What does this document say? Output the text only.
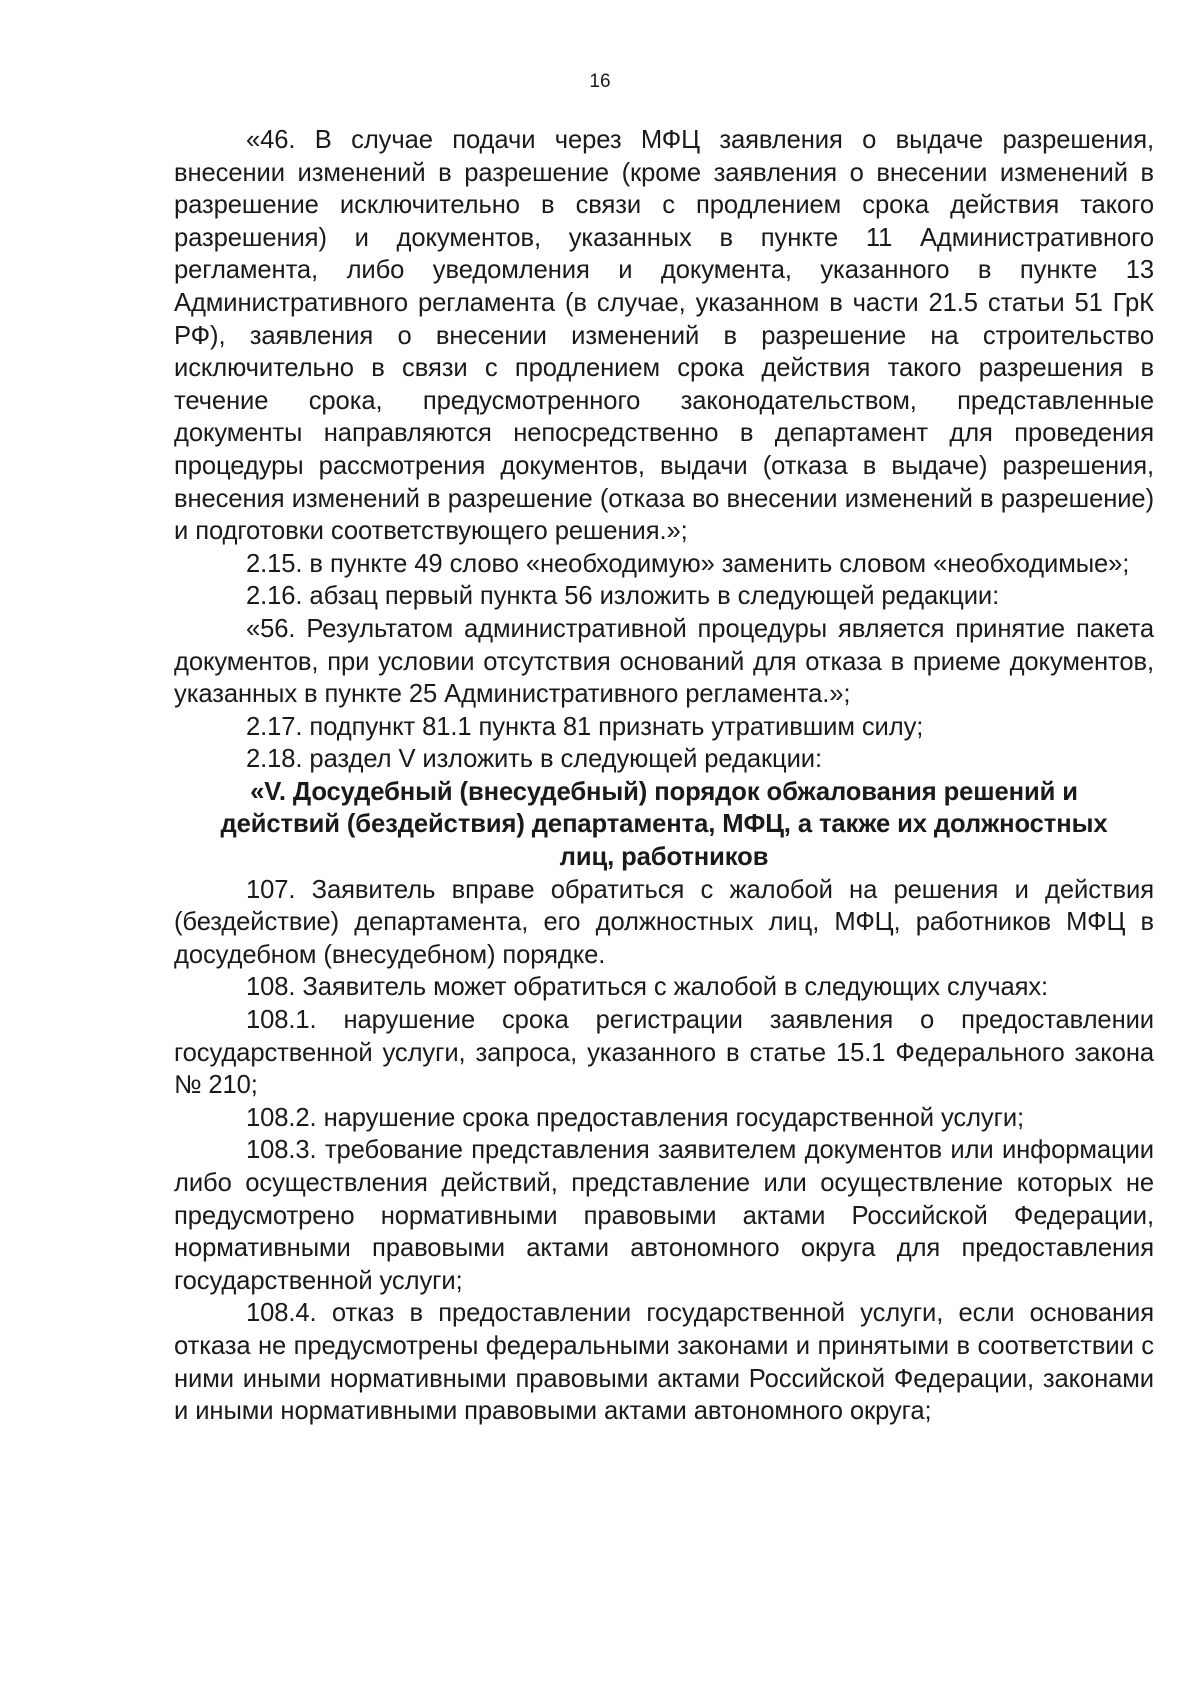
16

«46. В случае подачи через МФЦ заявления о выдаче разрешения, внесении изменений в разрешение (кроме заявления о внесении изменений в разрешение исключительно в связи с продлением срока действия такого разрешения) и документов, указанных в пункте 11 Административного регламента, либо уведомления и документа, указанного в пункте 13 Административного регламента (в случае, указанном в части 21.5 статьи 51 ГрК РФ), заявления о внесении изменений в разрешение на строительство исключительно в связи с продлением срока действия такого разрешения в течение срока, предусмотренного законодательством, представленные документы направляются непосредственно в департамент для проведения процедуры рассмотрения документов, выдачи (отказа в выдаче) разрешения, внесения изменений в разрешение (отказа во внесении изменений в разрешение) и подготовки соответствующего решения.»;

2.15. в пункте 49 слово «необходимую» заменить словом «необходимые»;

2.16. абзац первый пункта 56 изложить в следующей редакции:

«56. Результатом административной процедуры является принятие пакета документов, при условии отсутствия оснований для отказа в приеме документов, указанных в пункте 25 Административного регламента.»;

2.17. подпункт 81.1 пункта 81 признать утратившим силу;

2.18. раздел V изложить в следующей редакции:

«V. Досудебный (внесудебный) порядок обжалования решений и действий (бездействия) департамента, МФЦ, а также их должностных лиц, работников

107. Заявитель вправе обратиться с жалобой на решения и действия (бездействие) департамента, его должностных лиц, МФЦ, работников МФЦ в досудебном (внесудебном) порядке.

108. Заявитель может обратиться с жалобой в следующих случаях:

108.1. нарушение срока регистрации заявления о предоставлении государственной услуги, запроса, указанного в статье 15.1 Федерального закона № 210;

108.2. нарушение срока предоставления государственной услуги;

108.3. требование представления заявителем документов или информации либо осуществления действий, представление или осуществление которых не предусмотрено нормативными правовыми актами Российской Федерации, нормативными правовыми актами автономного округа для предоставления государственной услуги;

108.4. отказ в предоставлении государственной услуги, если основания отказа не предусмотрены федеральными законами и принятыми в соответствии с ними иными нормативными правовыми актами Российской Федерации, законами и иными нормативными правовыми актами автономного округа;
